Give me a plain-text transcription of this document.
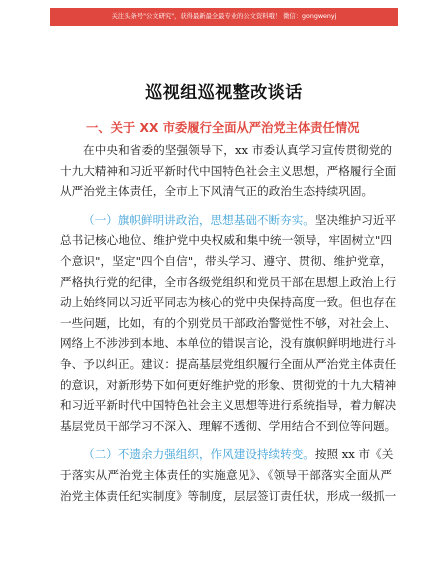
关注头条号"公文研究"，获得最新最全最专业的公文资料哦！ 微信：gongwenyj
巡视组巡视整改谈话
一、关于 XX 市委履行全面从严治党主体责任情况
在中央和省委的坚强领导下，xx 市委认真学习宣传贯彻党的
十九大精神和习近平新时代中国特色社会主义思想，严格履行全面
从严治党主体责任，全市上下风清气正的政治生态持续巩固。
（一）旗帜鲜明讲政治，思想基础不断夯实。坚决维护习近平
总书记核心地位、维护党中央权威和集中统一领导，牢固树立"四
个意识"，坚定"四个自信"，带头学习、遵守、贯彻、维护党章，
严格执行党的纪律，全市各级党组织和党员干部在思想上政治上行
动上始终同以习近平同志为核心的党中央保持高度一致。但也存在
一些问题，比如，有的个别党员干部政治警觉性不够，对社会上、
网络上不涉涉到本地、本单位的错误言论，没有旗帜鲜明地进行斗
争、予以纠正。建议：提高基层党组织履行全面从严治党主体责任
的意识，对新形势下如何更好维护党的形象、贯彻党的十九大精神
和习近平新时代中国特色社会主义思想等进行系统指导，着力解决
基层党员干部学习不深入、理解不透彻、学用结合不到位等问题。
（二）不遗余力强组织，作风建设持续转变。按照 xx 市《关
于落实从严治党主体责任的实施意见》、《领导干部落实全面从严
治党主体责任纪实制度》等制度，层层签订责任状，形成一级抓一
